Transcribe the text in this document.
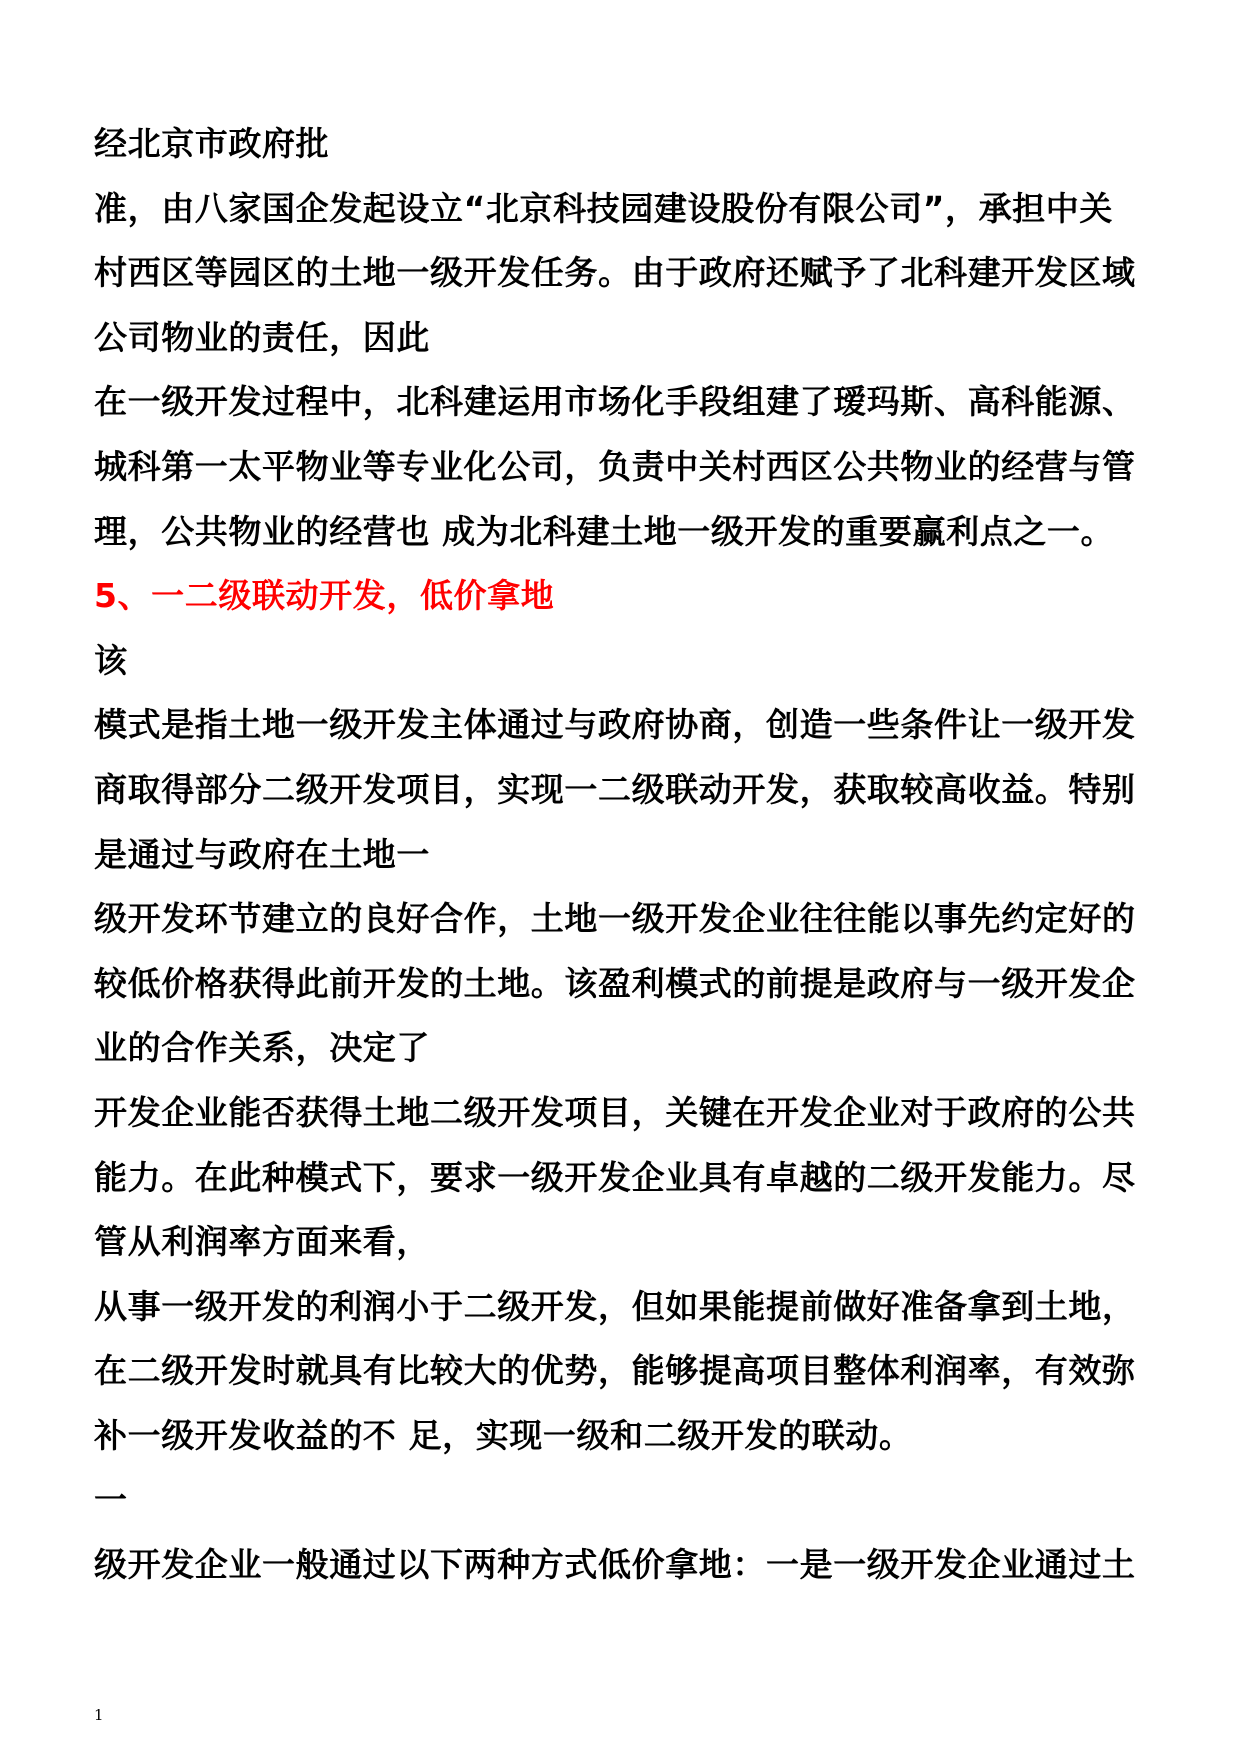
经北京市政府批
准，由八家国企发起设立“北京科技园建设股份有限公司”，承担中关
村西区等园区的土地一级开发任务。由于政府还赋予了北科建开发区域
公司物业的责任，因此
在一级开发过程中，北科建运用市场化手段组建了瑷玛斯、高科能源、
城科第一太平物业等专业化公司，负责中关村西区公共物业的经营与管
理，公共物业的经营也 成为北科建土地一级开发的重要赢利点之一。
5、一二级联动开发，低价拿地
该
模式是指土地一级开发主体通过与政府协商，创造一些条件让一级开发
商取得部分二级开发项目，实现一二级联动开发，获取较高收益。特别
是通过与政府在土地一
级开发环节建立的良好合作，土地一级开发企业往往能以事先约定好的
较低价格获得此前开发的土地。该盈利模式的前提是政府与一级开发企
业的合作关系，决定了
开发企业能否获得土地二级开发项目，关键在开发企业对于政府的公共
能力。在此种模式下，要求一级开发企业具有卓越的二级开发能力。尽
管从利润率方面来看，
从事一级开发的利润小于二级开发，但如果能提前做好准备拿到土地，
在二级开发时就具有比较大的优势，能够提高项目整体利润率，有效弥
补一级开发收益的不 足，实现一级和二级开发的联动。
一
级开发企业一般通过以下两种方式低价拿地：一是一级开发企业通过土
1
